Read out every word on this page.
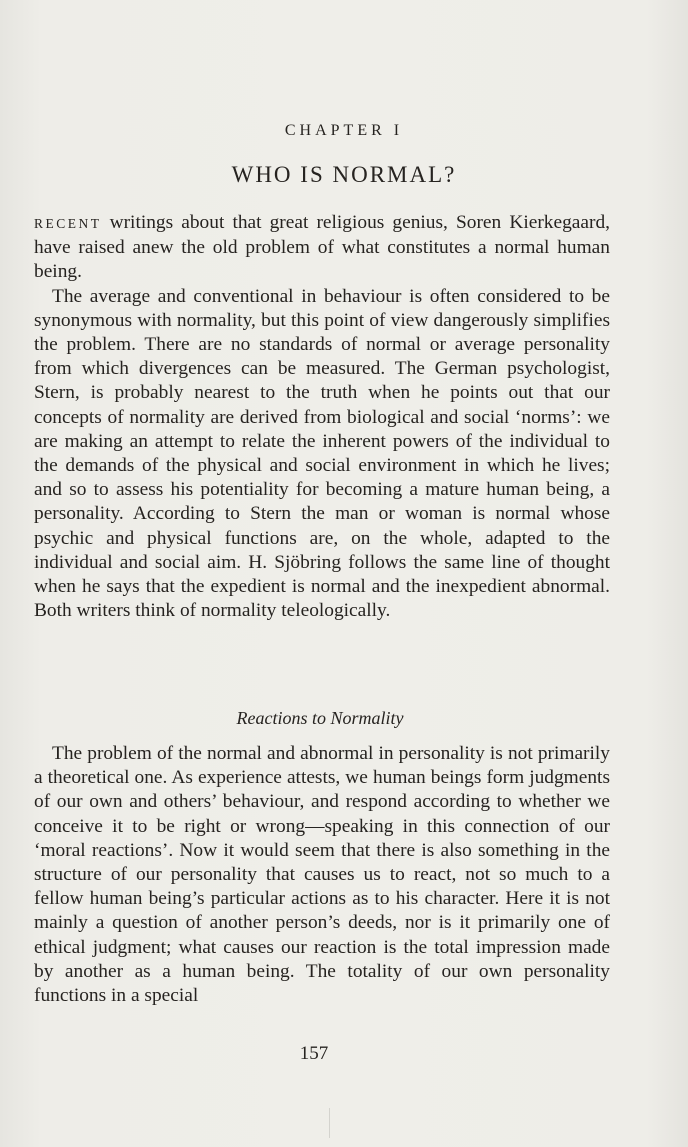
CHAPTER I
WHO IS NORMAL?

RECENT writings about that great religious genius, Soren Kierkegaard, have raised anew the old problem of what constitutes a normal human being.

The average and conventional in behaviour is often considered to be synonymous with normality, but this point of view dangerously simplifies the problem. There are no standards of normal or average personality from which divergences can be measured. The German psychologist, Stern, is probably nearest to the truth when he points out that our concepts of normality are derived from biological and social ‘norms’: we are making an attempt to relate the inherent powers of the individual to the demands of the physical and social environment in which he lives; and so to assess his potentiality for becoming a mature human being, a personality. According to Stern the man or woman is normal whose psychic and physical functions are, on the whole, adapted to the individual and social aim. H. Sjöbring follows the same line of thought when he says that the expedient is normal and the inexpedient abnormal. Both writers think of normality teleologically.

Reactions to Normality

The problem of the normal and abnormal in personality is not primarily a theoretical one. As experience attests, we human beings form judgments of our own and others’ behaviour, and respond according to whether we conceive it to be right or wrong—speaking in this connection of our ‘moral reactions’. Now it would seem that there is also something in the structure of our personality that causes us to react, not so much to a fellow human being’s particular actions as to his character. Here it is not mainly a question of another person’s deeds, nor is it primarily one of ethical judgment; what causes our reaction is the total impression made by another as a human being. The totality of our own personality functions in a special

157
